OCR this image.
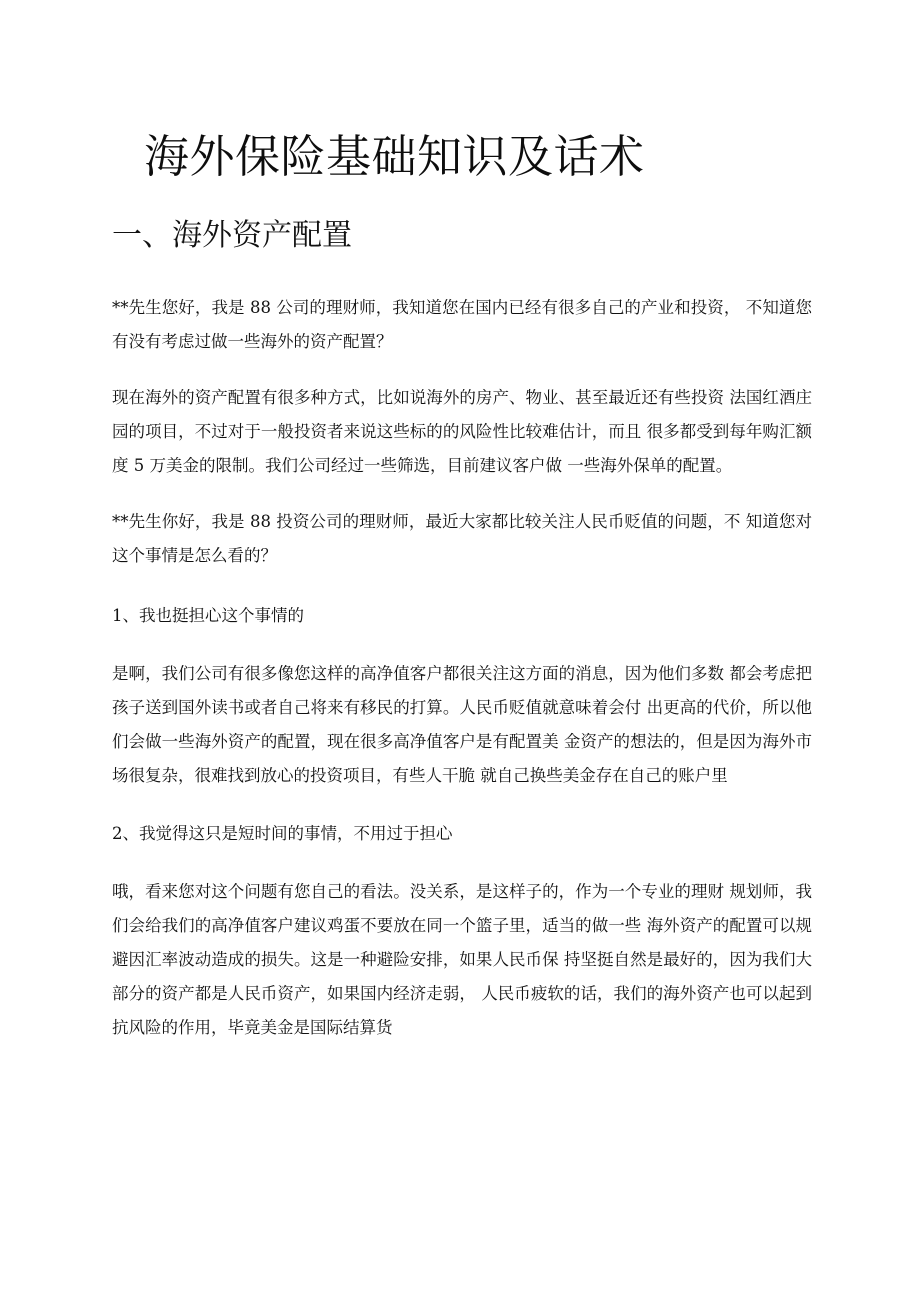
海外保险基础知识及话术
一、海外资产配置

**先生您好，我是 88 公司的理财师，我知道您在国内已经有很多自己的产业和投资， 不知道您有没有考虑过做一些海外的资产配置？

现在海外的资产配置有很多种方式，比如说海外的房产、物业、甚至最近还有些投资 法国红酒庄园的项目，不过对于一般投资者来说这些标的的风险性比较难估计，而且 很多都受到每年购汇额度 5 万美金的限制。我们公司经过一些筛选，目前建议客户做 一些海外保单的配置。

**先生你好，我是 88 投资公司的理财师，最近大家都比较关注人民币贬值的问题，不 知道您对这个事情是怎么看的？

1、我也挺担心这个事情的

是啊，我们公司有很多像您这样的高净值客户都很关注这方面的消息，因为他们多数 都会考虑把孩子送到国外读书或者自己将来有移民的打算。人民币贬值就意味着会付 出更高的代价，所以他们会做一些海外资产的配置，现在很多高净值客户是有配置美 金资产的想法的，但是因为海外市场很复杂，很难找到放心的投资项目，有些人干脆 就自己换些美金存在自己的账户里

2、我觉得这只是短时间的事情，不用过于担心

哦，看来您对这个问题有您自己的看法。没关系，是这样子的，作为一个专业的理财 规划师，我们会给我们的高净值客户建议鸡蛋不要放在同一个篮子里，适当的做一些 海外资产的配置可以规避因汇率波动造成的损失。这是一种避险安排，如果人民币保 持坚挺自然是最好的，因为我们大部分的资产都是人民币资产，如果国内经济走弱， 人民币疲软的话，我们的海外资产也可以起到抗风险的作用，毕竟美金是国际结算货
